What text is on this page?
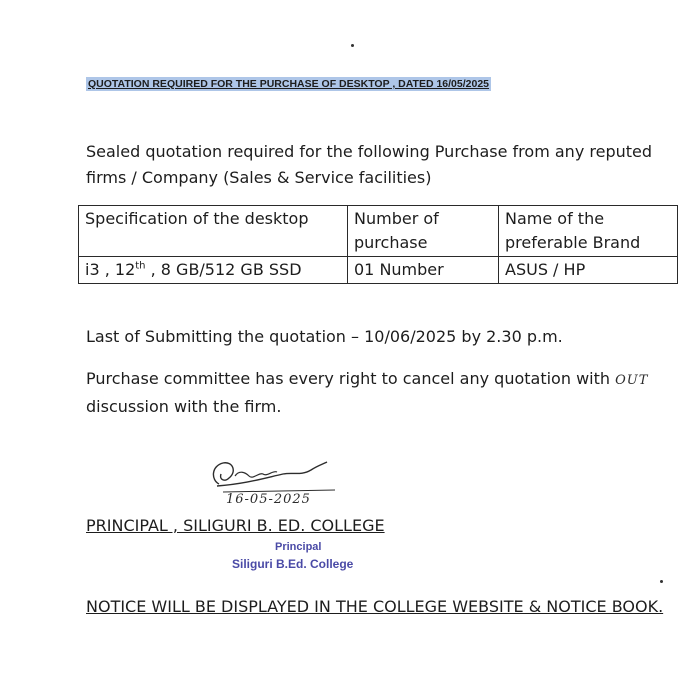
QUOTATION REQUIRED FOR THE PURCHASE OF DESKTOP , DATED 16/05/2025
Sealed quotation required for the following Purchase from any reputed firms / Company (Sales & Service facilities)
Specification of the desktop	Number of purchase	Name of the preferable Brand
i3 , 12th , 8 GB/512 GB SSD	01 Number	ASUS / HP
Last of Submitting the quotation – 10/06/2025 by 2.30 p.m.
Purchase committee has every right to cancel any quotation with OUT
discussion with the firm.
16-05-2025
PRINCIPAL , SILIGURI B. ED. COLLEGE
Principal
Siliguri B.Ed. College
NOTICE WILL BE DISPLAYED IN THE COLLEGE WEBSITE & NOTICE BOOK.
